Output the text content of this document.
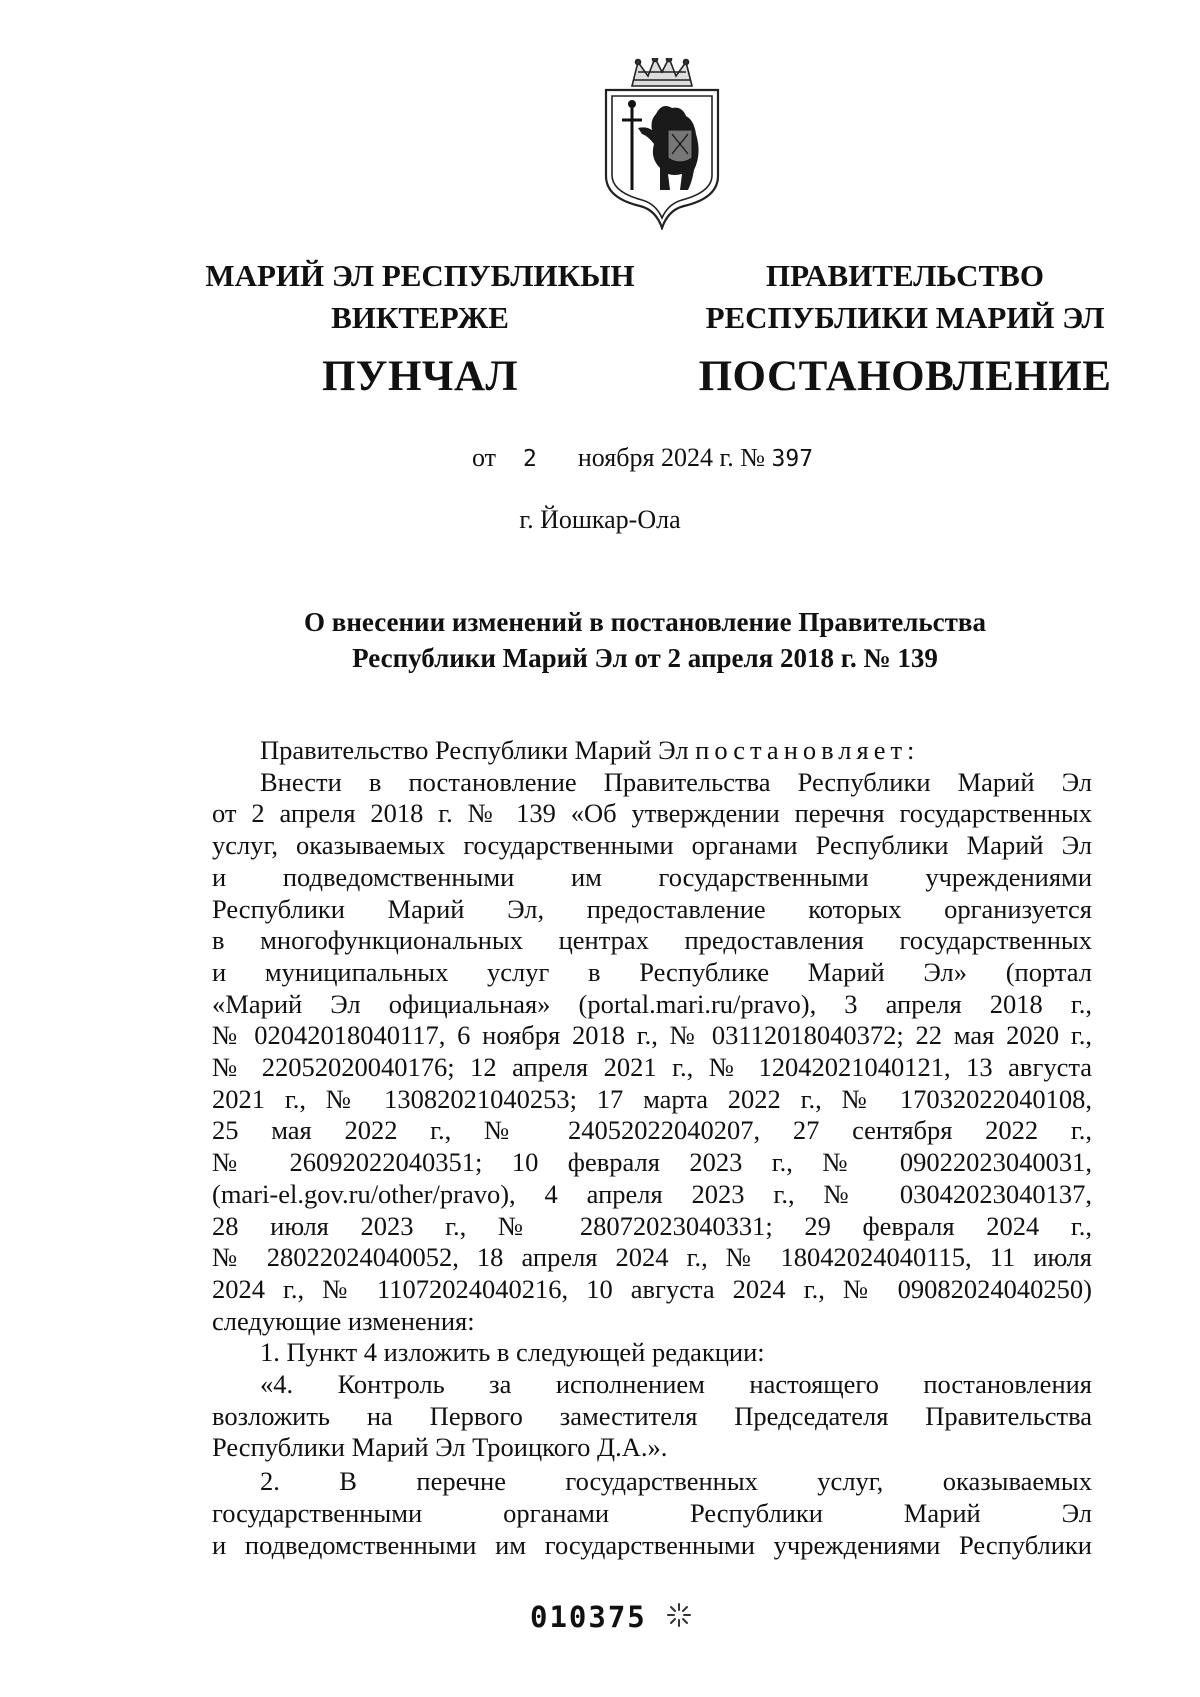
МАРИЙ ЭЛ РЕСПУБЛИКЫН
ВИКТЕРЖЕ
ПУНЧАЛ
ПРАВИТЕЛЬСТВО
РЕСПУБЛИКИ МАРИЙ ЭЛ
ПОСТАНОВЛЕНИЕ
от 2 ноября 2024 г. № 397
г. Йошкар-Ола
О внесении изменений в постановление Правительства
Республики Марий Эл от 2 апреля 2018 г. № 139

Правительство Республики Марий Эл постановляет:

Внести в постановление Правительства Республики Марий Эл
от 2 апреля 2018 г. № 139 «Об утверждении перечня государственных
услуг, оказываемых государственными органами Республики Марий Эл
и подведомственными им государственными учреждениями
Республики Марий Эл, предоставление которых организуется
в многофункциональных центрах предоставления государственных
и муниципальных услуг в Республике Марий Эл» (портал
«Марий Эл официальная» (portal.mari.ru/pravo), 3 апреля 2018 г.,
№ 02042018040117, 6 ноября 2018 г., № 03112018040372; 22 мая 2020 г.,
№ 22052020040176; 12 апреля 2021 г., № 12042021040121, 13 августа
2021 г., № 13082021040253; 17 марта 2022 г., № 17032022040108,
25 мая 2022 г., № 24052022040207, 27 сентября 2022 г.,
№ 26092022040351; 10 февраля 2023 г., № 09022023040031,
(mari-el.gov.ru/other/pravo), 4 апреля 2023 г., № 03042023040137,
28 июля 2023 г., № 28072023040331; 29 февраля 2024 г.,
№ 28022024040052, 18 апреля 2024 г., № 18042024040115, 11 июля
2024 г., № 11072024040216, 10 августа 2024 г., № 09082024040250)
следующие изменения:

1. Пункт 4 изложить в следующей редакции:

«4. Контроль за исполнением настоящего постановления
возложить на Первого заместителя Председателя Правительства
Республики Марий Эл Троицкого Д.А.».
2. В перечне государственных услуг, оказываемых
государственными органами Республики Марий Эл
и подведомственными им государственными учреждениями Республики
010375
